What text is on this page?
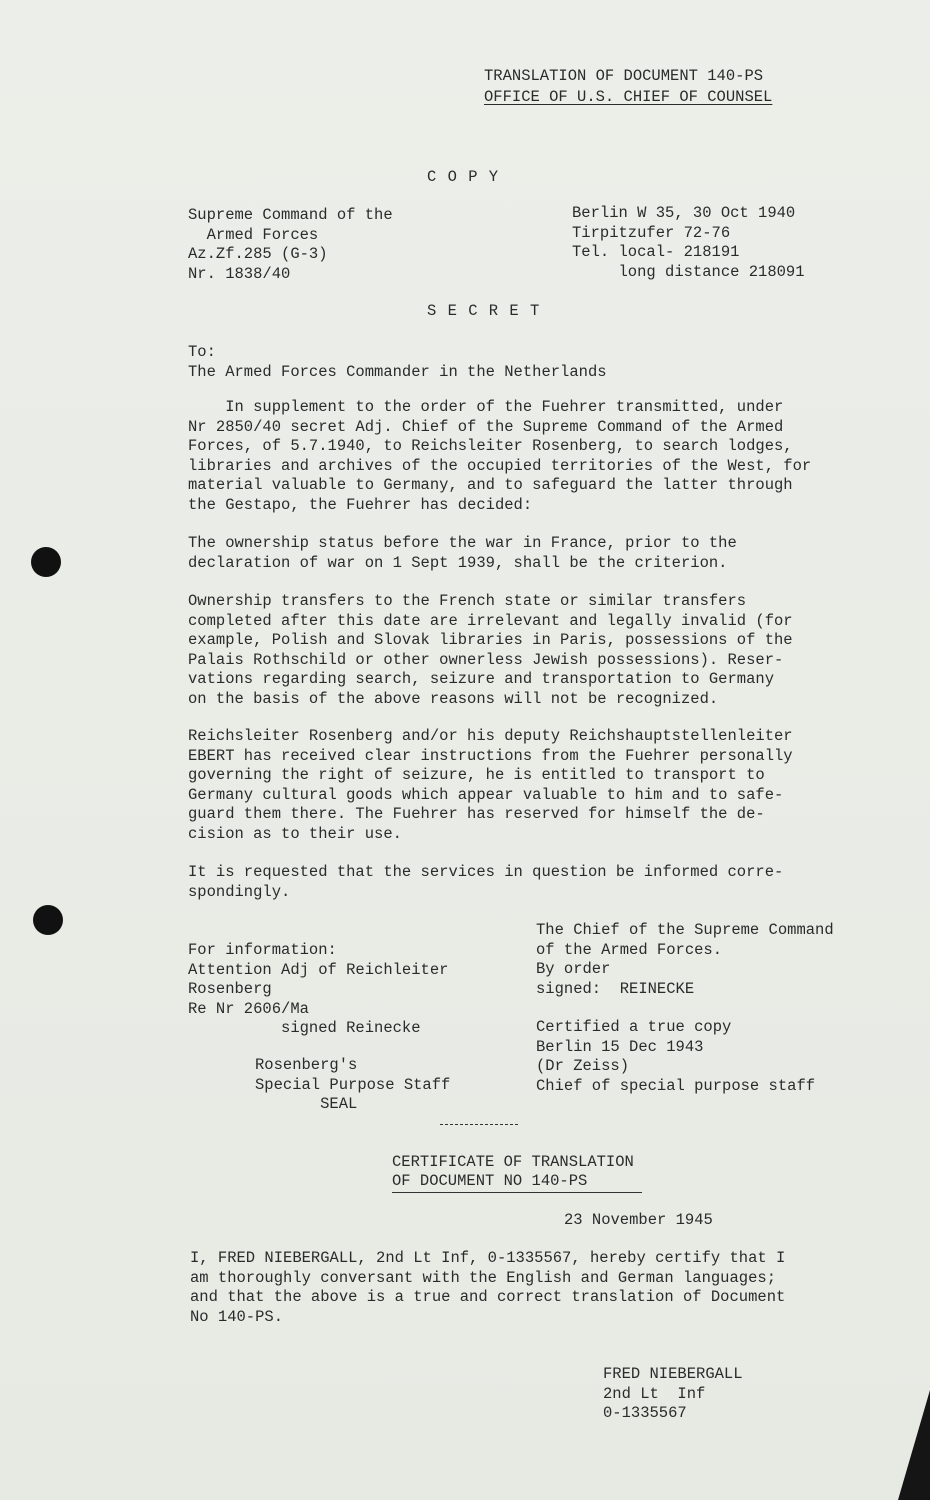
TRANSLATION OF DOCUMENT 140-PS
OFFICE OF U.S. CHIEF OF COUNSEL
C O P Y
Supreme Command of the
Armed Forces
Az.Zf.285 (G-3)
Nr. 1838/40
Berlin W 35, 30 Oct 1940
Tirpitzufer 72-76
Tel. local- 218191
long distance 218091
S E C R E T
To:
The Armed Forces Commander in the Netherlands
In supplement to the order of the Fuehrer transmitted, under
Nr 2850/40 secret Adj. Chief of the Supreme Command of the Armed
Forces, of 5.7.1940, to Reichsleiter Rosenberg, to search lodges,
libraries and archives of the occupied territories of the West, for
material valuable to Germany, and to safeguard the latter through
the Gestapo, the Fuehrer has decided:
The ownership status before the war in France, prior to the
declaration of war on 1 Sept 1939, shall be the criterion.
Ownership transfers to the French state or similar transfers
completed after this date are irrelevant and legally invalid (for
example, Polish and Slovak libraries in Paris, possessions of the
Palais Rothschild or other ownerless Jewish possessions). Reser-
vations regarding search, seizure and transportation to Germany
on the basis of the above reasons will not be recognized.
Reichsleiter Rosenberg and/or his deputy Reichshauptstellenleiter
EBERT has received clear instructions from the Fuehrer personally
governing the right of seizure, he is entitled to transport to
Germany cultural goods which appear valuable to him and to safe-
guard them there. The Fuehrer has reserved for himself the de-
cision as to their use.
It is requested that the services in question be informed corre-
spondingly.
For information:
Attention Adj of Reichleiter
Rosenberg
Re Nr 2606/Ma
signed Reinecke
Rosenberg's
Special Purpose Staff
SEAL
The Chief of the Supreme Command
of the Armed Forces.
By order
signed:  REINECKE
Certified a true copy
Berlin 15 Dec 1943
(Dr Zeiss)
Chief of special purpose staff
CERTIFICATE OF TRANSLATION
OF DOCUMENT NO 140-PS
23 November 1945
I, FRED NIEBERGALL, 2nd Lt Inf, 0-1335567, hereby certify that I
am thoroughly conversant with the English and German languages;
and that the above is a true and correct translation of Document
No 140-PS.
FRED NIEBERGALL
2nd Lt  Inf
0-1335567
